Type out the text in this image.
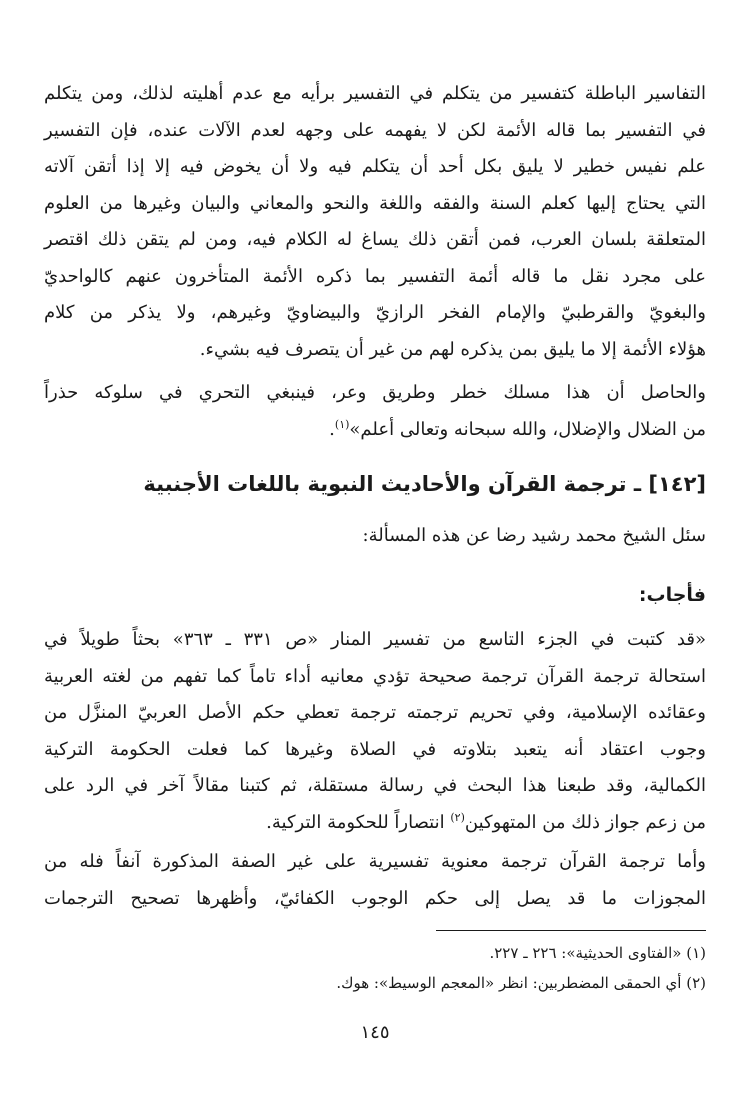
التفاسير الباطلة كتفسير من يتكلم في التفسير برأيه مع عدم أهليته لذلك، ومن يتكلم
في التفسير بما قاله الأئمة لكن لا يفهمه على وجهه لعدم الآلات عنده، فإن التفسير
علم نفيس خطير لا يليق بكل أحد أن يتكلم فيه ولا أن يخوض فيه إلا إذا أتقن آلاته
التي يحتاج إليها كعلم السنة والفقه واللغة والنحو والمعاني والبيان وغيرها من العلوم
المتعلقة بلسان العرب، فمن أتقن ذلك يساغ له الكلام فيه، ومن لم يتقن ذلك اقتصر
على مجرد نقل ما قاله أئمة التفسير بما ذكره الأئمة المتأخرون عنهم كالواحديّ
والبغويّ والقرطبيّ والإمام الفخر الرازيّ والبيضاويّ وغيرهم، ولا يذكر من كلام
هؤلاء الأئمة إلا ما يليق بمن يذكره لهم من غير أن يتصرف فيه بشيء.

والحاصل أن هذا مسلك خطر وطريق وعر، فينبغي التحري في سلوكه حذراً
من الضلال والإضلال، والله سبحانه وتعالى أعلم»$^{(١)}$.

[١٤٢] ـ ترجمة القرآن والأحاديث النبوية باللغات الأجنبية
سئل الشيخ محمد رشيد رضا عن هذه المسألة:
فأجاب:

«قد كتبت في الجزء التاسع من تفسير المنار «ص ٣٣١ ـ ٣٦٣» بحثاً طويلاً في
استحالة ترجمة القرآن ترجمة صحيحة تؤدي معانيه أداء تاماً كما تفهم من لغته العربية
وعقائده الإسلامية، وفي تحريم ترجمته ترجمة تعطي حكم الأصل العربيّ المنزَّل من
وجوب اعتقاد أنه يتعبد بتلاوته في الصلاة وغيرها كما فعلت الحكومة التركية
الكمالية، وقد طبعنا هذا البحث في رسالة مستقلة، ثم كتبنا مقالاً آخر في الرد على
من زعم جواز ذلك من المتهوكين$^{(٢)}$ انتصاراً للحكومة التركية.

وأما ترجمة القرآن ترجمة معنوية تفسيرية على غير الصفة المذكورة آنفاً فله من
المجوزات ما قد يصل إلى حكم الوجوب الكفائيّ، وأظهرها تصحيح الترجمات

(١) «الفتاوى الحديثية»: ٢٢٦ ـ ٢٢٧.
(٢) أي الحمقى المضطربين: انظر «المعجم الوسيط»: هوك.
١٤٥
